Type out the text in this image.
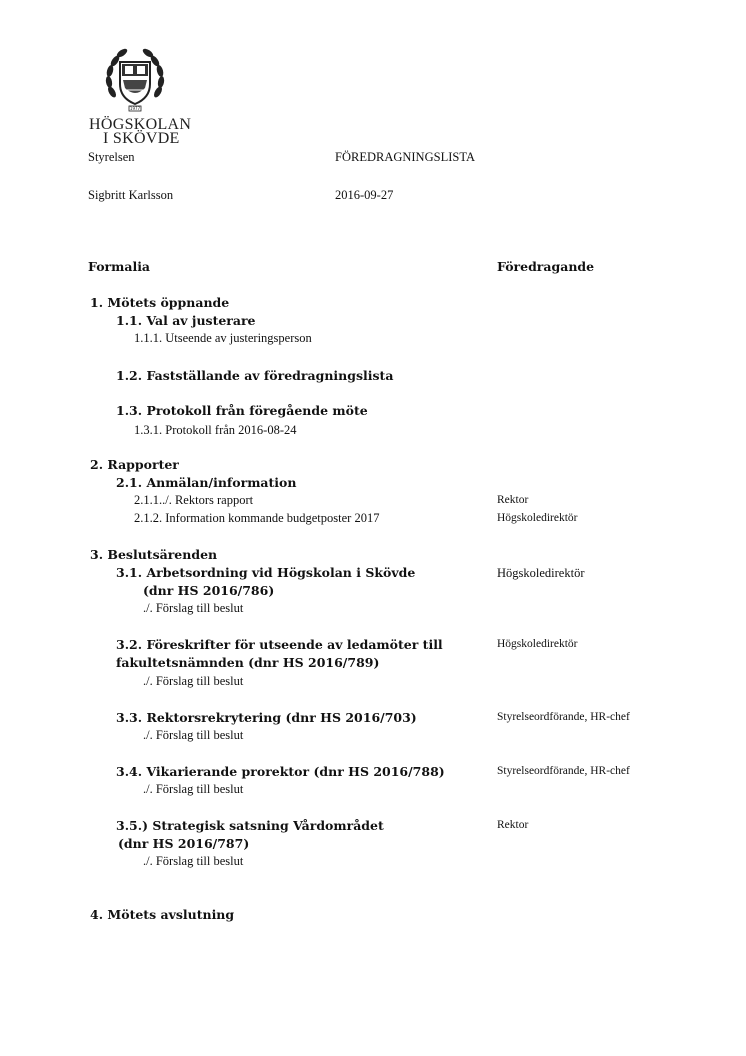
1977
HÖGSKOLAN
I SKÖVDE
Styrelsen	FÖREDRAGNINGSLISTA
Sigbritt Karlsson	2016-09-27
Formalia	Föredragande
1. Mötets öppnande
1.1. Val av justerare
1.1.1. Utseende av justeringsperson
1.2. Fastställande av föredragningslista
1.3. Protokoll från föregående möte
1.3.1. Protokoll från 2016-08-24
2. Rapporter
2.1. Anmälan/information
2.1.1../. Rektors rapport	Rektor
2.1.2. Information kommande budgetposter 2017	Högskoledirektör
3. Beslutsärenden
3.1. Arbetsordning vid Högskolan i Skövde	Högskoledirektör
(dnr HS 2016/786)
./. Förslag till beslut
3.2. Föreskrifter för utseende av ledamöter till	Högskoledirektör
fakultetsnämnden (dnr HS 2016/789)
./. Förslag till beslut
3.3. Rektorsrekrytering (dnr HS 2016/703)	Styrelseordförande, HR-chef
./. Förslag till beslut
3.4. Vikarierande prorektor (dnr HS 2016/788)	Styrelseordförande, HR-chef
./. Förslag till beslut
3.5.) Strategisk satsning Vårdområdet	Rektor
(dnr HS 2016/787)
./. Förslag till beslut
4. Mötets avslutning
